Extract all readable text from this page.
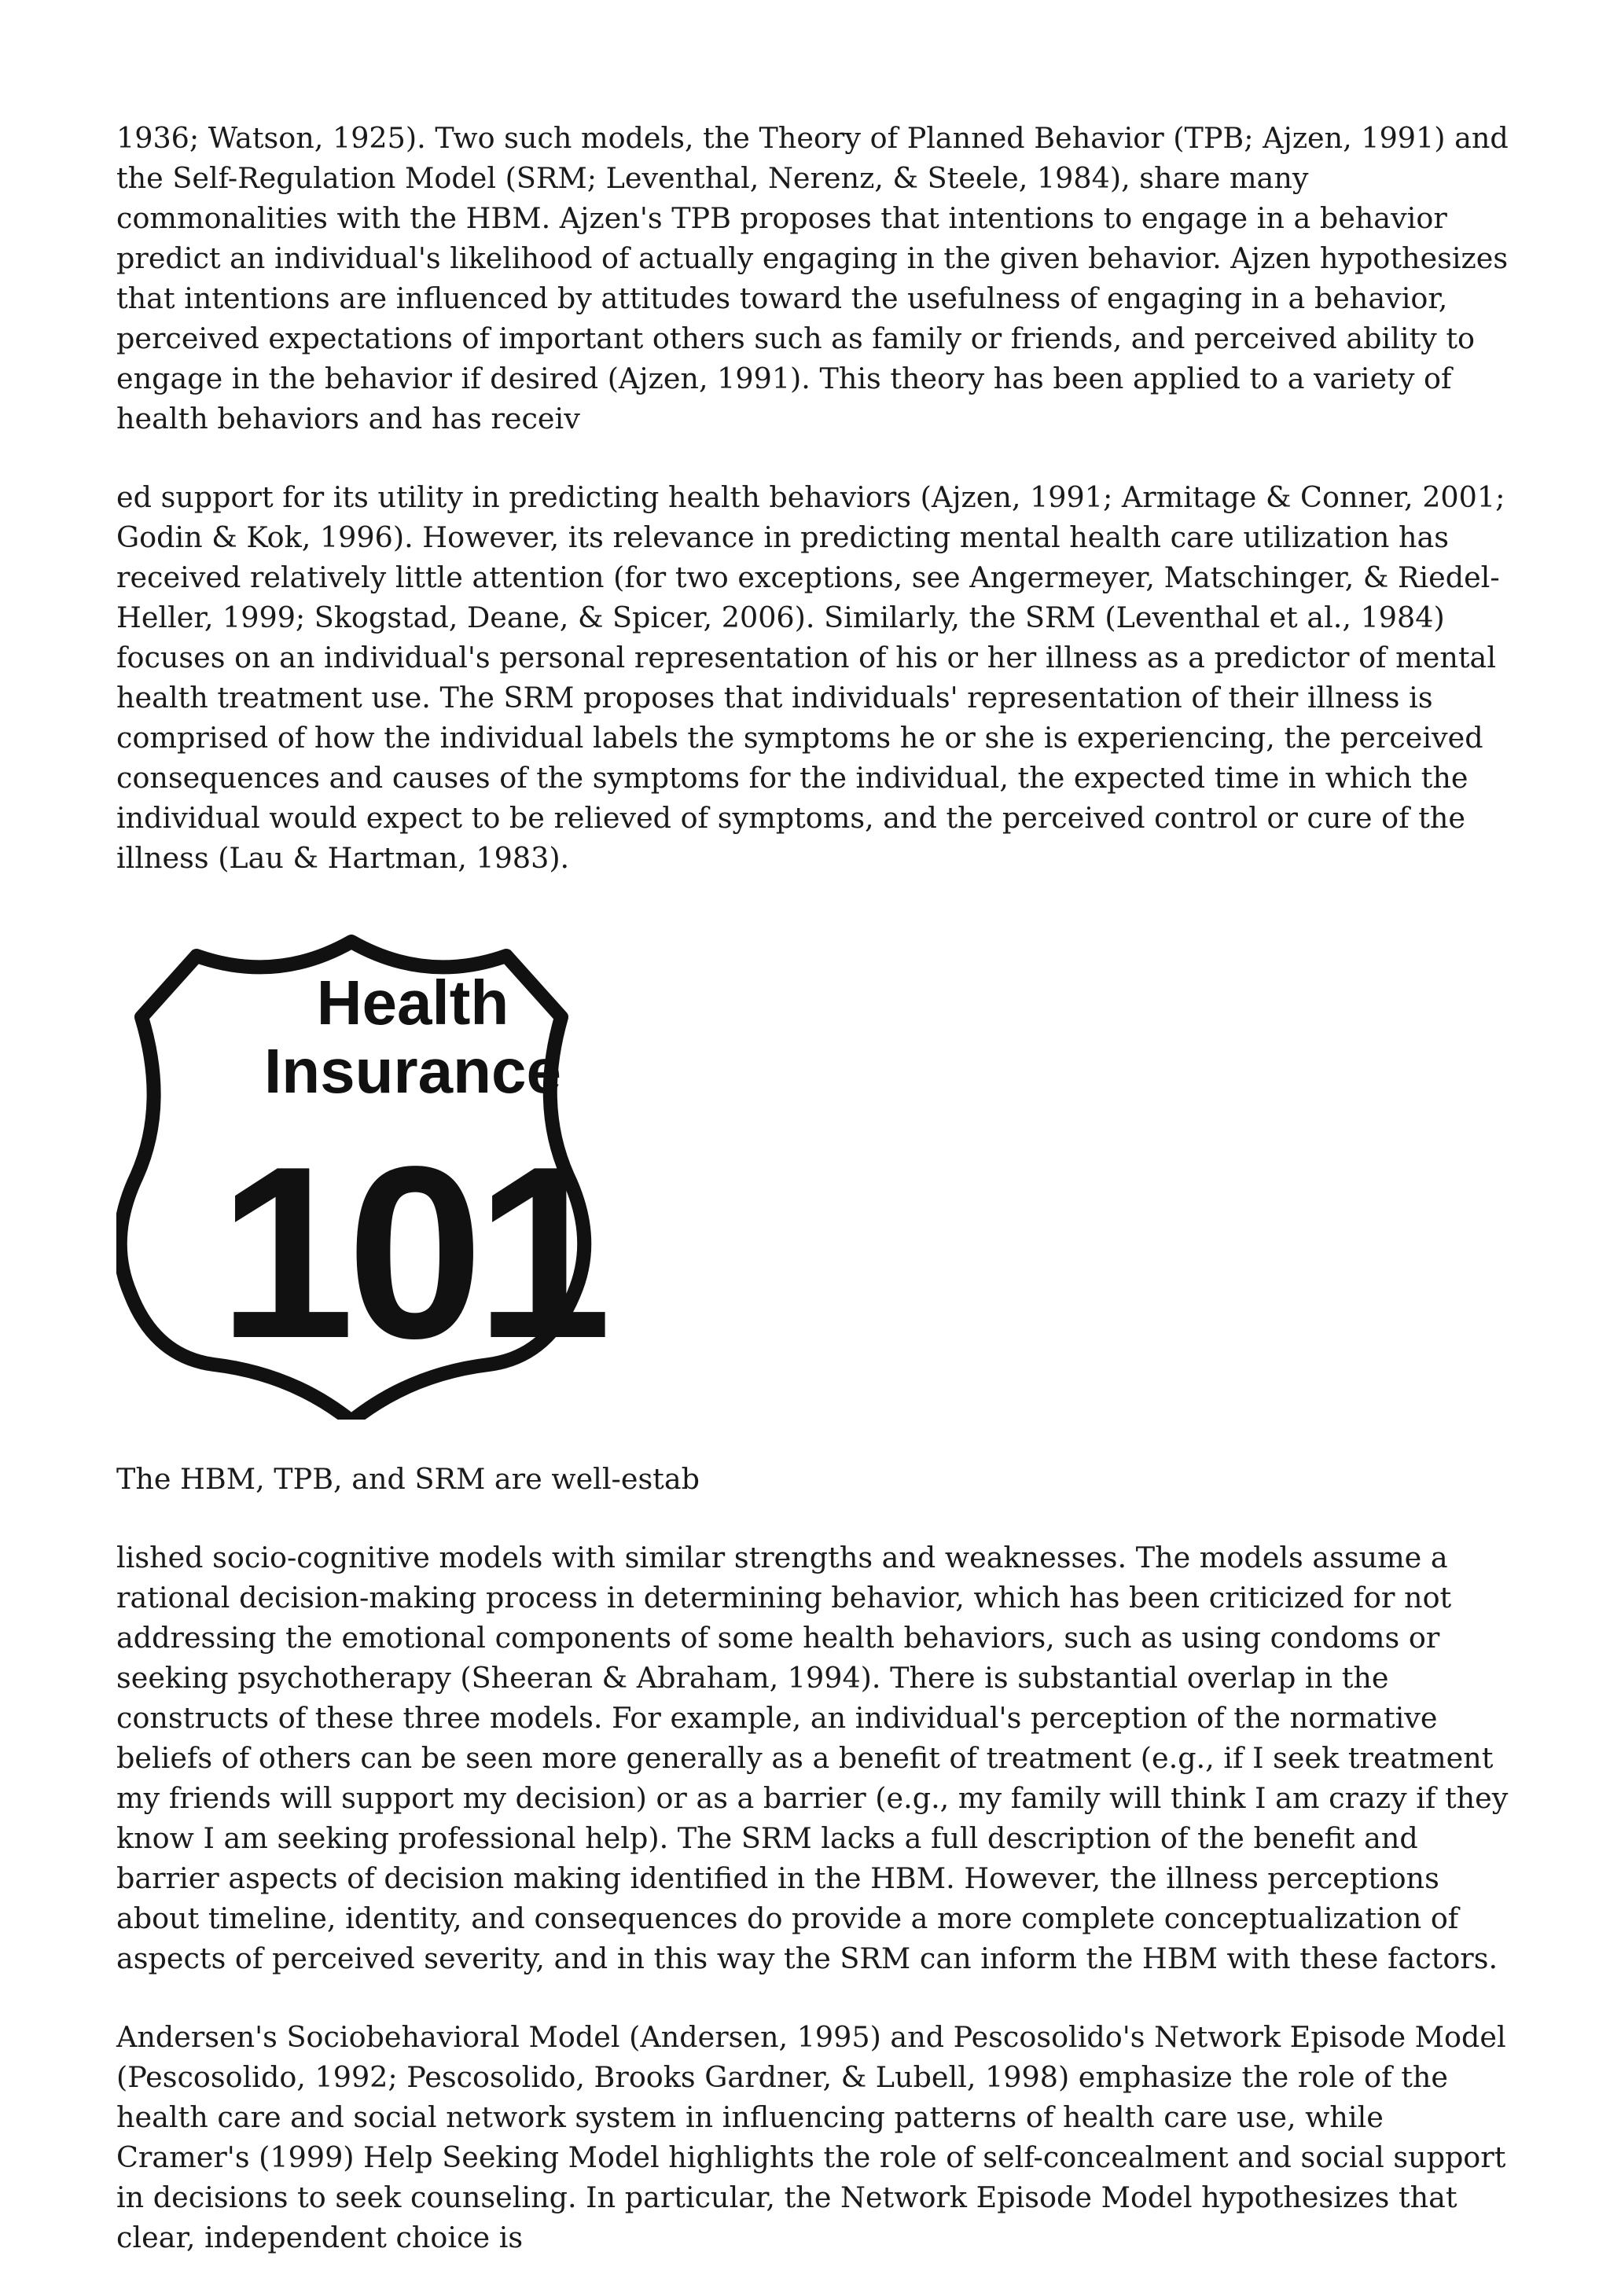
1936; Watson, 1925). Two such models, the Theory of Planned Behavior (TPB; Ajzen, 1991) and the Self-Regulation Model (SRM; Leventhal, Nerenz, & Steele, 1984), share many commonalities with the HBM. Ajzen's TPB proposes that intentions to engage in a behavior predict an individual's likelihood of actually engaging in the given behavior. Ajzen hypothesizes that intentions are influenced by attitudes toward the usefulness of engaging in a behavior, perceived expectations of important others such as family or friends, and perceived ability to engage in the behavior if desired (Ajzen, 1991). This theory has been applied to a variety of health behaviors and has receiv

ed support for its utility in predicting health behaviors (Ajzen, 1991; Armitage & Conner, 2001; Godin & Kok, 1996). However, its relevance in predicting mental health care utilization has received relatively little attention (for two exceptions, see Angermeyer, Matschinger, & Riedel-Heller, 1999; Skogstad, Deane, & Spicer, 2006). Similarly, the SRM (Leventhal et al., 1984) focuses on an individual's personal representation of his or her illness as a predictor of mental health treatment use. The SRM proposes that individuals' representation of their illness is comprised of how the individual labels the symptoms he or she is experiencing, the perceived consequences and causes of the symptoms for the individual, the expected time in which the individual would expect to be relieved of symptoms, and the perceived control or cure of the illness (Lau & Hartman, 1983).

Health
Insurance
101

The HBM, TPB, and SRM are well-estab

lished socio-cognitive models with similar strengths and weaknesses. The models assume a rational decision-making process in determining behavior, which has been criticized for not addressing the emotional components of some health behaviors, such as using condoms or seeking psychotherapy (Sheeran & Abraham, 1994). There is substantial overlap in the constructs of these three models. For example, an individual's perception of the normative beliefs of others can be seen more generally as a benefit of treatment (e.g., if I seek treatment my friends will support my decision) or as a barrier (e.g., my family will think I am crazy if they know I am seeking professional help). The SRM lacks a full description of the benefit and barrier aspects of decision making identified in the HBM. However, the illness perceptions about timeline, identity, and consequences do provide a more complete conceptualization of aspects of perceived severity, and in this way the SRM can inform the HBM with these factors.

Andersen's Sociobehavioral Model (Andersen, 1995) and Pescosolido's Network Episode Model (Pescosolido, 1992; Pescosolido, Brooks Gardner, & Lubell, 1998) emphasize the role of the health care and social network system in influencing patterns of health care use, while Cramer's (1999) Help Seeking Model highlights the role of self-concealment and social support in decisions to seek counseling. In particular, the Network Episode Model hypothesizes that clear, independent choice is
